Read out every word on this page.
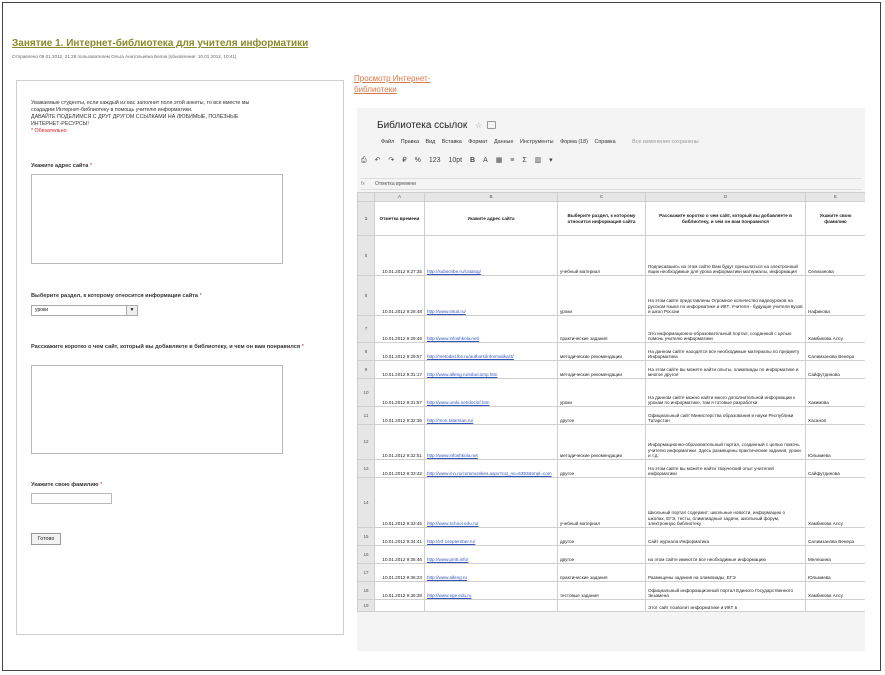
Занятие 1. Интернет-библиотека для учителя информатики
Отправлено 09.01.2012, 21:28 пользователем Ольга Анатольевна Белая [обновление: 10.01.2012, 10:41]
Уважаемые студенты, если каждый из вас заполнит поля этой анкеты, то все вместе мы
создадим Интернет-библиотеку в помощь учителю информатики.
ДАВАЙТЕ ПОДЕЛИМСЯ С ДРУГ ДРУГОМ ССЫЛКАМИ НА ЛЮБИМЫЕ, ПОЛЕЗНЫЕ
ИНТЕРНЕТ-РЕСУРСЫ!
* Обязательно
Укажите адрес сайта *
Выберите раздел, к которому относится информация сайта *
уроки	▼
Расскажите коротко о чем сайт, который вы добавляете в библиотеку, и чем он вам понравился *
Укажите свою фамилию *
Готово
Просмотр Интернет-библиотеки
Библиотека ссылок ☆
Файл Правка Вид Вставка Формат Данные Инструменты Форма (18) Справка	Все изменения сохранены
⎙ ↶ ↷ ₽ % 123 10pt B A ▦ ≡ Σ ▥ ▾
fx Отметка времени
	A	B	C	D	E
1	Отметка времени	Укажите адрес сайта	Выберите раздел, к которому относится информация сайта	Расскажите коротко о чем сайт, который вы добавляете в библиотеку, и чем он вам понравился	Укажите свою фамилию
5	10.01.2012 9:27:35	http://subscribe.ru/catalog/	учебный материал	Подписавшись на этом сайте Вам будут присылаться на электронный ящик необходимые для урока информатики материалы, информация	Селиханова
6	10.01.2012 9:28:48	http://www.intuit.ru/	уроки	На этом сайте представлены Огромное количество видеоуроков на русском языке по информатике и ИКТ. Учителя - будущие учителя вузов и школ России	Нафикова
7	10.01.2012 9:29:49	http://www.infoshkola.net/	практические задания	Это информационно-образовательный портал, созданный с целью помочь учителю информатики	Хамбикова Алсу
8	10.01.2012 9:29:57	http://metodist.lbz.ru/authors/informatika/3/	методические рекомендации	На данном сайте находятся все необходимые материалы по предмету Информатика	Салимзанова Венера
9	10.01.2012 9:31:17	http://www.alleng.ru/edu/comp.htm	методические рекомендации	На этом сайте вы можете найти опыты, олимпиады по информатике и многое другое	Сайфутдинова
10	10.01.2012 9:31:57	http://www.uroki.net/docinf.htm	уроки	На данном сайте можно найти много дополнительной информации к урокам по информатике, там я готовые разработки	Хакимова
11	10.01.2012 9:32:36	http://mon.tatarstan.ru/	другое	Официальный сайт Министерства образования и науки Республики Татарстан	Хасанов
12	10.01.2012 9:32:51	http://www.infoshkola.net	методические рекомендации	Информационно-образовательный портал, созданный с целью помочь учителю информатики. Здесь размещены практические задания, уроки и т.д.	Юльмиева
13	10.01.2012 9:33:42	http://www.it-n.ru/communities.aspx?cat_no=6393&tmpl=com	другое	На этом сайте вы можете найти творческий опыт учителей информатики	Сайфутдинова
14	10.01.2012 9:33:45	http://www.school.edu.ru/	учебный материал	Школьный портал содержит: школьные новости, информацию о школах, ЕГЭ, тесты, олимпиадные задачи, школьный форум, электронную библиотеку	Хамбикова Алсу
15	10.01.2012 9:34:41	http://inf.1september.ru/	другое	Сайт журнала Информатика	Салимзанова Венера
16	10.01.2012 9:35:46	http://www.pm5.info/	другое	на этом сайте имеются все необходимые информацию	Мелешина
17	10.01.2012 9:36:23	http://www.alleng.ru	практические задания	Размещены задания на олимпиады, ЕГЭ	Юльмиева
18	10.01.2012 9:36:38	http://www.ege.edu.ru	тестовые задания	Официальный информационный портал Единого Государственного Экзамена	Хамбикова Алсу
19				Этот сайт позволит информатике и ИКТ в	
